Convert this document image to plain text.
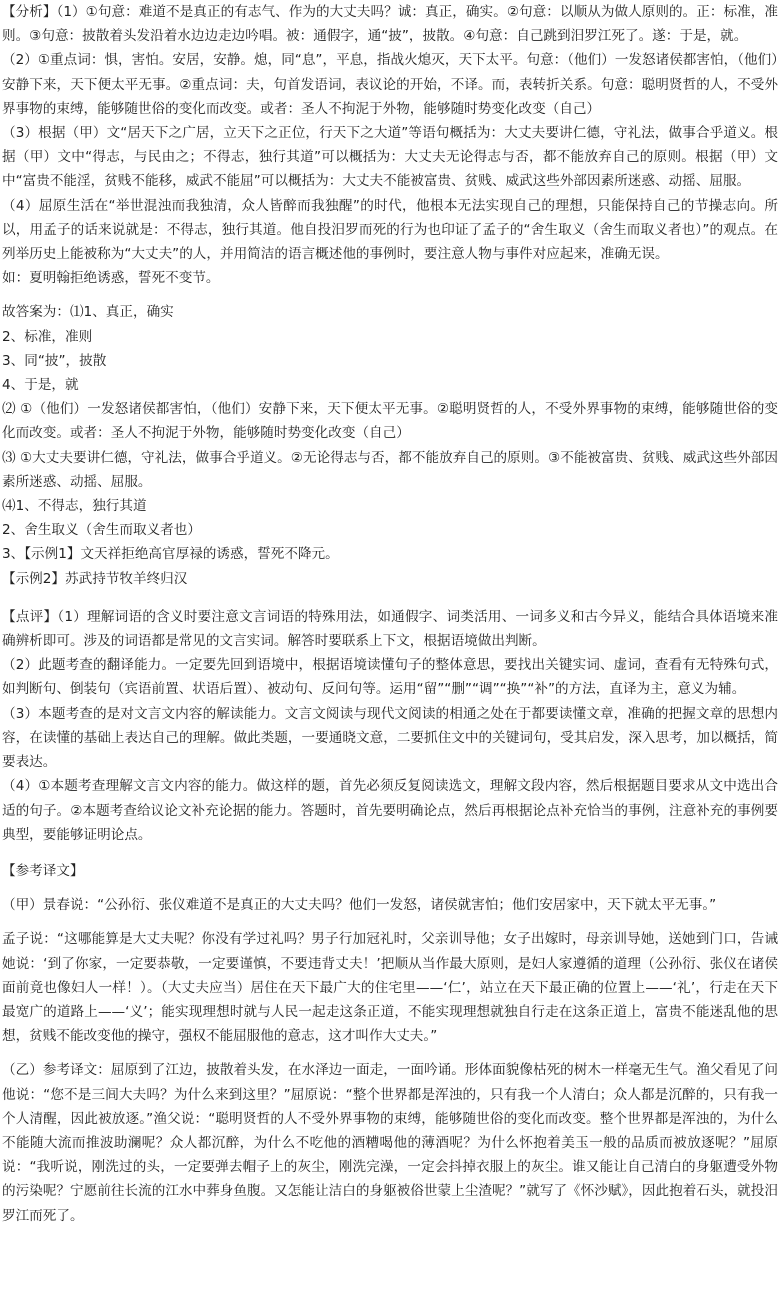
【分析】（1）①句意：难道不是真正的有志气、作为的大丈夫吗？诚：真正，确实。②句意：以顺从为做人原则的。正：标准，准则。③句意：披散着头发沿着水边边走边吟唱。被：通假字，通“披”，披散。④句意：自己跳到汨罗江死了。遂：于是，就。
（2）①重点词：惧，害怕。安居，安静。熄，同“息”，平息，指战火熄灭，天下太平。句意：（他们）一发怒诸侯都害怕，（他们）安静下来，天下便太平无事。②重点词：夫，句首发语词，表议论的开始，不译。而，表转折关系。句意：聪明贤哲的人，不受外界事物的束缚，能够随世俗的变化而改变。或者：圣人不拘泥于外物，能够随时势变化改变（自己）
（3）根据（甲）文“居天下之广居，立天下之正位，行天下之大道”等语句概括为：大丈夫要讲仁德，守礼法，做事合乎道义。根据（甲）文中“得志，与民由之；不得志，独行其道”可以概括为：大丈夫无论得志与否，都不能放弃自己的原则。根据（甲）文中“富贵不能淫，贫贱不能移，威武不能屈”可以概括为：大丈夫不能被富贵、贫贱、威武这些外部因素所迷惑、动摇、屈服。
（4）屈原生活在“举世混浊而我独清，众人皆醉而我独醒”的时代，他根本无法实现自己的理想，只能保持自己的节操志向。所以，用孟子的话来说就是：不得志，独行其道。他自投汨罗而死的行为也印证了孟子的“舍生取义（舍生而取义者也）”的观点。在列举历史上能被称为“大丈夫”的人，并用简洁的语言概述他的事例时，要注意人物与事件对应起来，准确无误。
如：夏明翰拒绝诱惑，誓死不变节。
故答案为：⑴1、真正，确实
2、标准，准则
3、同“披”，披散
4、于是，就
⑵ ①（他们）一发怒诸侯都害怕，（他们）安静下来，天下便太平无事。②聪明贤哲的人，不受外界事物的束缚，能够随世俗的变化而改变。或者：圣人不拘泥于外物，能够随时势变化改变（自己）
⑶ ①大丈夫要讲仁德，守礼法，做事合乎道义。②无论得志与否，都不能放弃自己的原则。③不能被富贵、贫贱、威武这些外部因素所迷惑、动摇、屈服。
⑷1、不得志，独行其道
2、舍生取义（舍生而取义者也）
3、【示例1】文天祥拒绝高官厚禄的诱惑，誓死不降元。
【示例2】苏武持节牧羊终归汉
【点评】（1）理解词语的含义时要注意文言词语的特殊用法，如通假字、词类活用、一词多义和古今异义，能结合具体语境来准确辨析即可。涉及的词语都是常见的文言实词。解答时要联系上下文，根据语境做出判断。
（2）此题考查的翻译能力。一定要先回到语境中，根据语境读懂句子的整体意思，要找出关键实词、虚词，查看有无特殊句式，如判断句、倒装句（宾语前置、状语后置）、被动句、反问句等。运用“留”“删”“调”“换”“补”的方法，直译为主，意义为辅。
（3）本题考查的是对文言文内容的解读能力。文言文阅读与现代文阅读的相通之处在于都要读懂文章，准确的把握文章的思想内容，在读懂的基础上表达自己的理解。做此类题，一要通晓文意，二要抓住文中的关键词句，受其启发，深入思考，加以概括，简要表达。
（4）①本题考查理解文言文内容的能力。做这样的题，首先必须反复阅读选文，理解文段内容，然后根据题目要求从文中选出合适的句子。②本题考查给议论文补充论据的能力。答题时，首先要明确论点，然后再根据论点补充恰当的事例，注意补充的事例要典型，要能够证明论点。
【参考译文】
（甲）景春说：“公孙衍、张仪难道不是真正的大丈夫吗？他们一发怒，诸侯就害怕；他们安居家中，天下就太平无事。”
孟子说：“这哪能算是大丈夫呢？你没有学过礼吗？男子行加冠礼时，父亲训导他；女子出嫁时，母亲训导她，送她到门口，告诫她说：‘到了你家，一定要恭敬，一定要谨慎，不要违背丈夫！’把顺从当作最大原则，是妇人家遵循的道理（公孙衍、张仪在诸侯面前竟也像妇人一样！）。（大丈夫应当）居住在天下最广大的住宅里——‘仁’，站立在天下最正确的位置上——‘礼’，行走在天下最宽广的道路上——‘义’；能实现理想时就与人民一起走这条正道，不能实现理想就独自行走在这条正道上，富贵不能迷乱他的思想，贫贱不能改变他的操守，强权不能屈服他的意志，这才叫作大丈夫。”
（乙）参考译文：屈原到了江边，披散着头发，在水泽边一面走，一面吟诵。形体面貌像枯死的树木一样毫无生气。渔父看见了问他说：“您不是三闾大夫吗？为什么来到这里？”屈原说：“整个世界都是浑浊的，只有我一个人清白；众人都是沉醉的，只有我一个人清醒，因此被放逐。”渔父说：“聪明贤哲的人不受外界事物的束缚，能够随世俗的变化而改变。整个世界都是浑浊的，为什么不能随大流而推波助澜呢？众人都沉醉，为什么不吃他的酒糟喝他的薄酒呢？为什么怀抱着美玉一般的品质而被放逐呢？”屈原说：“我听说，刚洗过的头，一定要弹去帽子上的灰尘，刚洗完澡，一定会抖掉衣服上的灰尘。谁又能让自己清白的身躯遭受外物的污染呢？宁愿前往长流的江水中葬身鱼腹。又怎能让洁白的身躯被俗世蒙上尘渣呢？”就写了《怀沙赋》，因此抱着石头，就投汨罗江而死了。
